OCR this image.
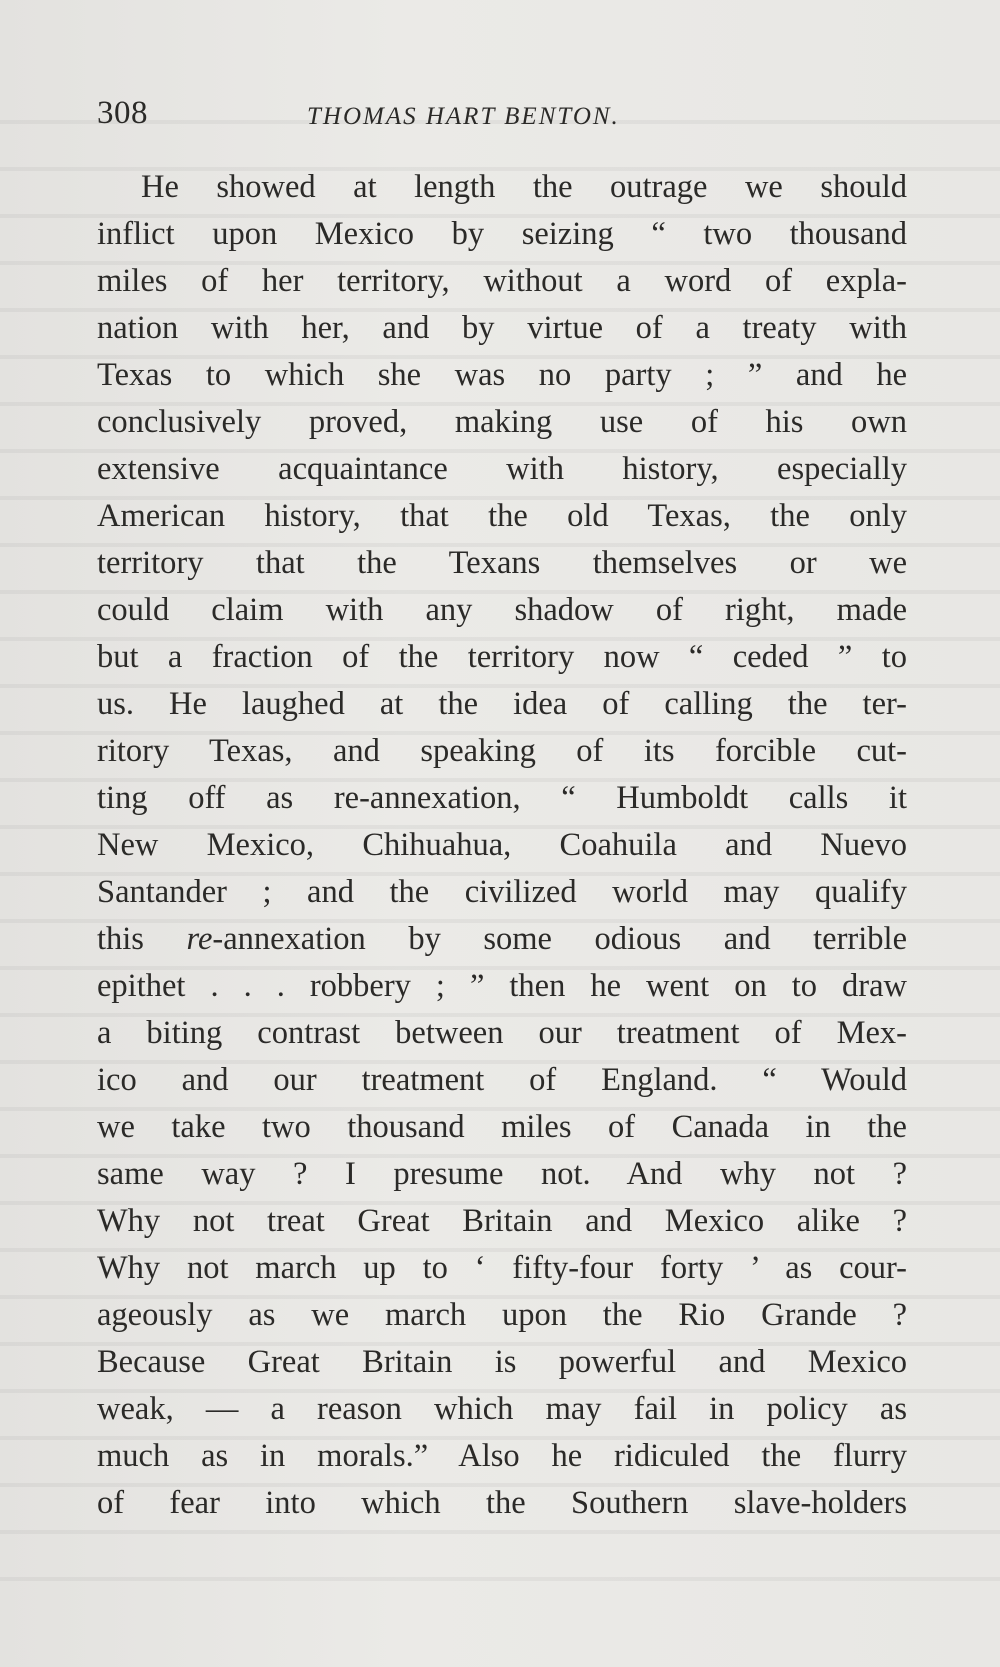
308	THOMAS HART BENTON.
He showed at length the outrage we should
inflict upon Mexico by seizing “ two thousand
miles of her territory, without a word of expla-
nation with her, and by virtue of a treaty with
Texas to which she was no party ; ” and he
conclusively proved, making use of his own
extensive acquaintance with history, especially
American history, that the old Texas, the only
territory that the Texans themselves or we
could claim with any shadow of right, made
but a fraction of the territory now “ ceded ” to
us. He laughed at the idea of calling the ter-
ritory Texas, and speaking of its forcible cut-
ting off as re-annexation, “ Humboldt calls it
New Mexico, Chihuahua, Coahuila and Nuevo
Santander ; and the civilized world may qualify
this re-annexation by some odious and terrible
epithet . . . robbery ; ” then he went on to draw
a biting contrast between our treatment of Mex-
ico and our treatment of England. “ Would
we take two thousand miles of Canada in the
same way ? I presume not. And why not ?
Why not treat Great Britain and Mexico alike ?
Why not march up to ‘ fifty-four forty ’ as cour-
ageously as we march upon the Rio Grande ?
Because Great Britain is powerful and Mexico
weak, — a reason which may fail in policy as
much as in morals.” Also he ridiculed the flurry
of fear into which the Southern slave-holders
